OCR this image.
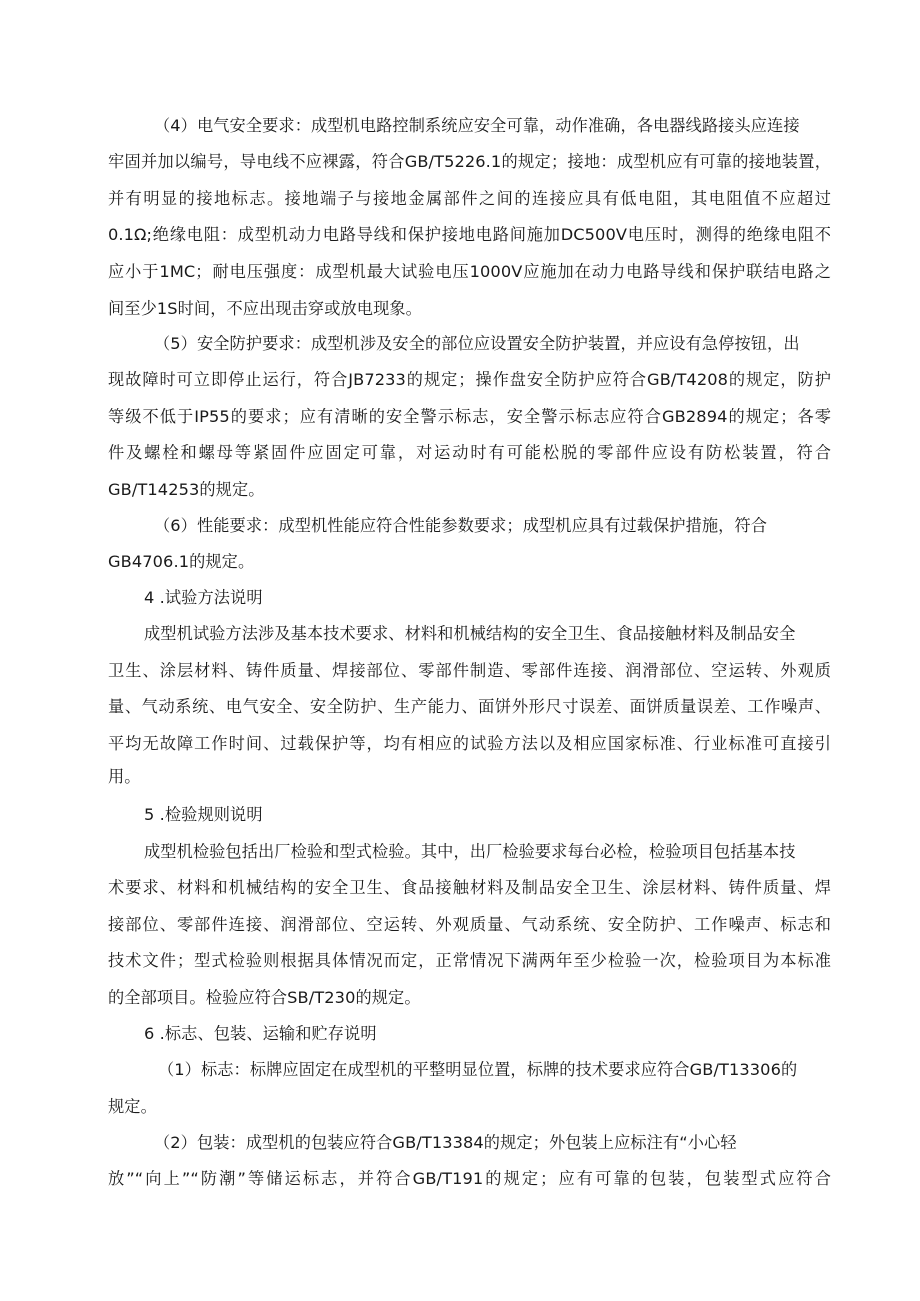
（4）电气安全要求：成型机电路控制系统应安全可靠，动作准确，各电器线路接头应连接
牢固并加以编号，导电线不应裸露，符合GB/T5226.1的规定；接地：成型机应有可靠的接地装置，
并有明显的接地标志。接地端子与接地金属部件之间的连接应具有低电阻，其电阻值不应超过
0.1Ω;绝缘电阻：成型机动力电路导线和保护接地电路间施加DC500V电压时，测得的绝缘电阻不
应小于1MC；耐电压强度：成型机最大试验电压1000V应施加在动力电路导线和保护联结电路之
间至少1S时间，不应出现击穿或放电现象。
（5）安全防护要求：成型机涉及安全的部位应设置安全防护装置，并应设有急停按钮，出
现故障时可立即停止运行，符合JB7233的规定；操作盘安全防护应符合GB/T4208的规定，防护
等级不低于IP55的要求；应有清晰的安全警示标志，安全警示标志应符合GB2894的规定；各零
件及螺栓和螺母等紧固件应固定可靠，对运动时有可能松脱的零部件应设有防松装置，符合
GB/T14253的规定。
（6）性能要求：成型机性能应符合性能参数要求；成型机应具有过载保护措施，符合
GB4706.1的规定。
4 .试验方法说明
成型机试验方法涉及基本技术要求、材料和机械结构的安全卫生、食品接触材料及制品安全
卫生、涂层材料、铸件质量、焊接部位、零部件制造、零部件连接、润滑部位、空运转、外观质
量、气动系统、电气安全、安全防护、生产能力、面饼外形尺寸误差、面饼质量误差、工作噪声、
平均无故障工作时间、过载保护等，均有相应的试验方法以及相应国家标准、行业标准可直接引
用。
5 .检验规则说明
成型机检验包括出厂检验和型式检验。其中，出厂检验要求每台必检，检验项目包括基本技
术要求、材料和机械结构的安全卫生、食品接触材料及制品安全卫生、涂层材料、铸件质量、焊
接部位、零部件连接、润滑部位、空运转、外观质量、气动系统、安全防护、工作噪声、标志和
技术文件；型式检验则根据具体情况而定，正常情况下满两年至少检验一次，检验项目为本标准
的全部项目。检验应符合SB/T230的规定。
6 .标志、包装、运输和贮存说明
（1）标志：标牌应固定在成型机的平整明显位置，标牌的技术要求应符合GB/T13306的
规定。
（2）包装：成型机的包装应符合GB/T13384的规定；外包装上应标注有“小心轻
放”“向上”“防潮”等储运标志，并符合GB/T191的规定；应有可靠的包装，包装型式应符合
